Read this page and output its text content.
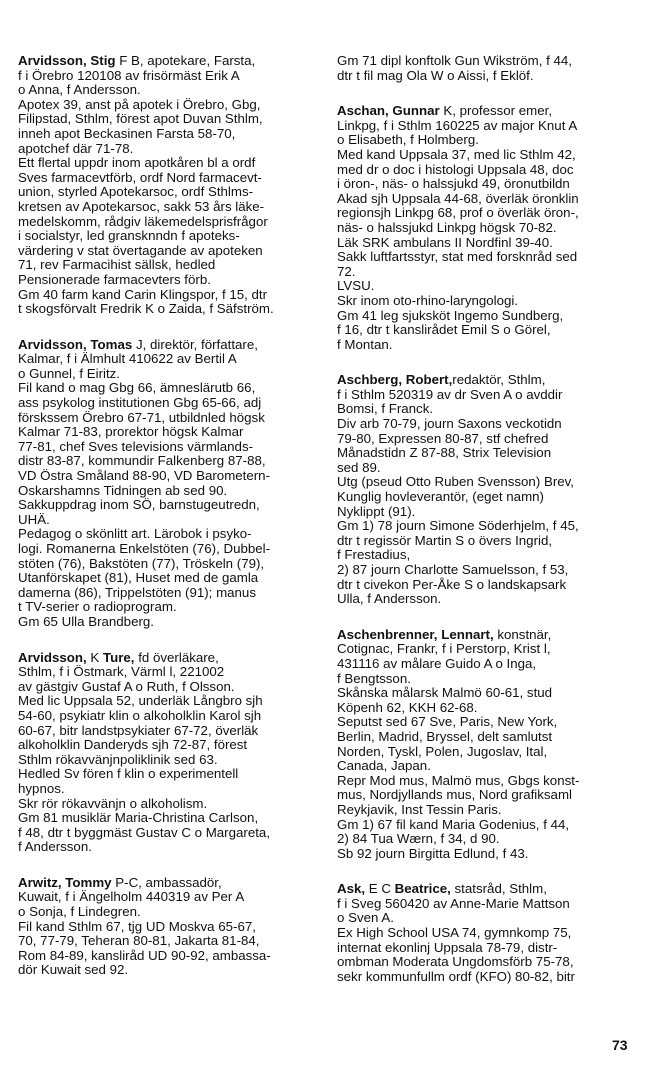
Arvidsson, Stig F B, apotekare, Farsta,

f i Örebro 120108 av frisörmäst Erik A

o Anna, f Andersson.

Apotex 39, anst på apotek i Örebro, Gbg,

Filipstad, Sthlm, förest apot Duvan Sthlm,

inneh apot Beckasinen Farsta 58-70,

apotchef där 71-78.

Ett flertal uppdr inom apotkåren bl a ordf

Sves farmacevtförb, ordf Nord farmacevt-

union, styrled Apotekarsoc, ordf Sthlms-

kretsen av Apotekarsoc, sakk 53 års läke-

medelskomm, rådgiv läkemedelsprisfrågor

i socialstyr, led gransknndn f apoteks-

värdering v stat övertagande av apoteken

71, rev Farmacihist sällsk, hedled

Pensionerade farmacevters förb.

Gm 40 farm kand Carin Klingspor, f 15, dtr

t skogsförvalt Fredrik K o Zaida, f Säfström.

Arvidsson, Tomas J, direktör, författare,

Kalmar, f i Älmhult 410622 av Bertil A

o Gunnel, f Eiritz.

Fil kand o mag Gbg 66, ämneslärutb 66,

ass psykolog institutionen Gbg 65-66, adj

förskssem Örebro 67-71, utbildnled högsk

Kalmar 71-83, prorektor högsk Kalmar

77-81, chef Sves televisions värmlands-

distr 83-87, kommundir Falkenberg 87-88,

VD Östra Småland 88-90, VD Barometern-

Oskarshamns Tidningen ab sed 90.

Sakkuppdrag inom SÖ, barnstugeutredn,

UHÄ.

Pedagog o skönlitt art. Lärobok i psyko-

logi. Romanerna Enkelstöten (76), Dubbel-

stöten (76), Bakstöten (77), Tröskeln (79),

Utanförskapet (81), Huset med de gamla

damerna (86), Trippelstöten (91); manus

t TV-serier o radioprogram.

Gm 65 Ulla Brandberg.

Arvidsson, K Ture, fd överläkare,

Sthlm, f i Östmark, Värml l, 221002

av gästgiv Gustaf A o Ruth, f Olsson.

Med lic Uppsala 52, underläk Långbro sjh

54-60, psykiatr klin o alkoholklin Karol sjh

60-67, bitr landstpsykiater 67-72, överläk

alkoholklin Danderyds sjh 72-87, förest

Sthlm rökavvänjnpoliklinik sed 63.

Hedled Sv fören f klin o experimentell

hypnos.

Skr rör rökavvänjn o alkoholism.

Gm 81 musiklär Maria-Christina Carlson,

f 48, dtr t byggmäst Gustav C o Margareta,

f Andersson.

Arwitz, Tommy P-C, ambassadör,

Kuwait, f i Ängelholm 440319 av Per A

o Sonja, f Lindegren.

Fil kand Sthlm 67, tjg UD Moskva 65-67,

70, 77-79, Teheran 80-81, Jakarta 81-84,

Rom 84-89, kanslіråd UD 90-92, ambassa-

dör Kuwait sed 92.

Gm 71 dipl konftolk Gun Wikström, f 44,

dtr t fil mag Ola W o Aissi, f Eklöf.

Aschan, Gunnar K, professor emer,

Linkpg, f i Sthlm 160225 av major Knut A

o Elisabeth, f Holmberg.

Med kand Uppsala 37, med lic Sthlm 42,

med dr o doc i histologi Uppsala 48, doc

i öron-, näs- o halssjukd 49, öronutbildn

Akad sjh Uppsala 44-68, överläk öronklin

regionsjh Linkpg 68, prof o överläk öron-,

näs- o halssjukd Linkpg högsk 70-82.

Läk SRK ambulans II Nordfinl 39-40.

Sakk luftfartsstyr, stat med forsknråd sed

72.

LVSU.

Skr inom oto-rhino-laryngologi.

Gm 41 leg sjuksköt Ingemo Sundberg,

f 16, dtr t kanslirådet Emil S o Görel,

f Montan.

Aschberg, Robert,redaktör, Sthlm,

f i Sthlm 520319 av dr Sven A o avddir

Bomsi, f Franck.

Div arb 70-79, journ Saxons veckotidn

79-80, Expressen 80-87, stf chefred

Månadstidn Z 87-88, Strix Television

sed 89.

Utg (pseud Otto Ruben Svensson) Brev,

Kunglig hovleverantör, (eget namn)

Nyklippt (91).

Gm 1) 78 journ Simone Söderhjelm, f 45,

dtr t regissör Martin S o övers Ingrid,

f Frestadius,

2) 87 journ Charlotte Samuelsson, f 53,

dtr t civekon Per-Åke S o landskapsark

Ulla, f Andersson.

Aschenbrenner, Lennart, konstnär,

Cotignac, Frankr, f i Perstorp, Krist l,

431116 av målare Guido A o Inga,

f Bengtsson.

Skånska målarsk Malmö 60-61, stud

Köpenh 62, KKH 62-68.

Seputst sed 67 Sve, Paris, New York,

Berlin, Madrid, Bryssel, delt samlutst

Norden, Tyskl, Polen, Jugoslav, Ital,

Canada, Japan.

Repr Mod mus, Malmö mus, Gbgs konst-

mus, Nordjyllands mus, Nord grafiksaml

Reykjavik, Inst Tessin Paris.

Gm 1) 67 fil kand Maria Godenius, f 44,

2) 84 Tua Wærn, f 34, d 90.

Sb 92 journ Birgitta Edlund, f 43.

Ask, E C Beatrice, statsråd, Sthlm,

f i Sveg 560420 av Anne-Marie Mattson

o Sven A.

Ex High School USA 74, gymnkomp 75,

internat ekonlinj Uppsala 78-79, distr-

ombman Moderata Ungdomsförb 75-78,

sekr kommunfullm ordf (KFO) 80-82, bitr

73
